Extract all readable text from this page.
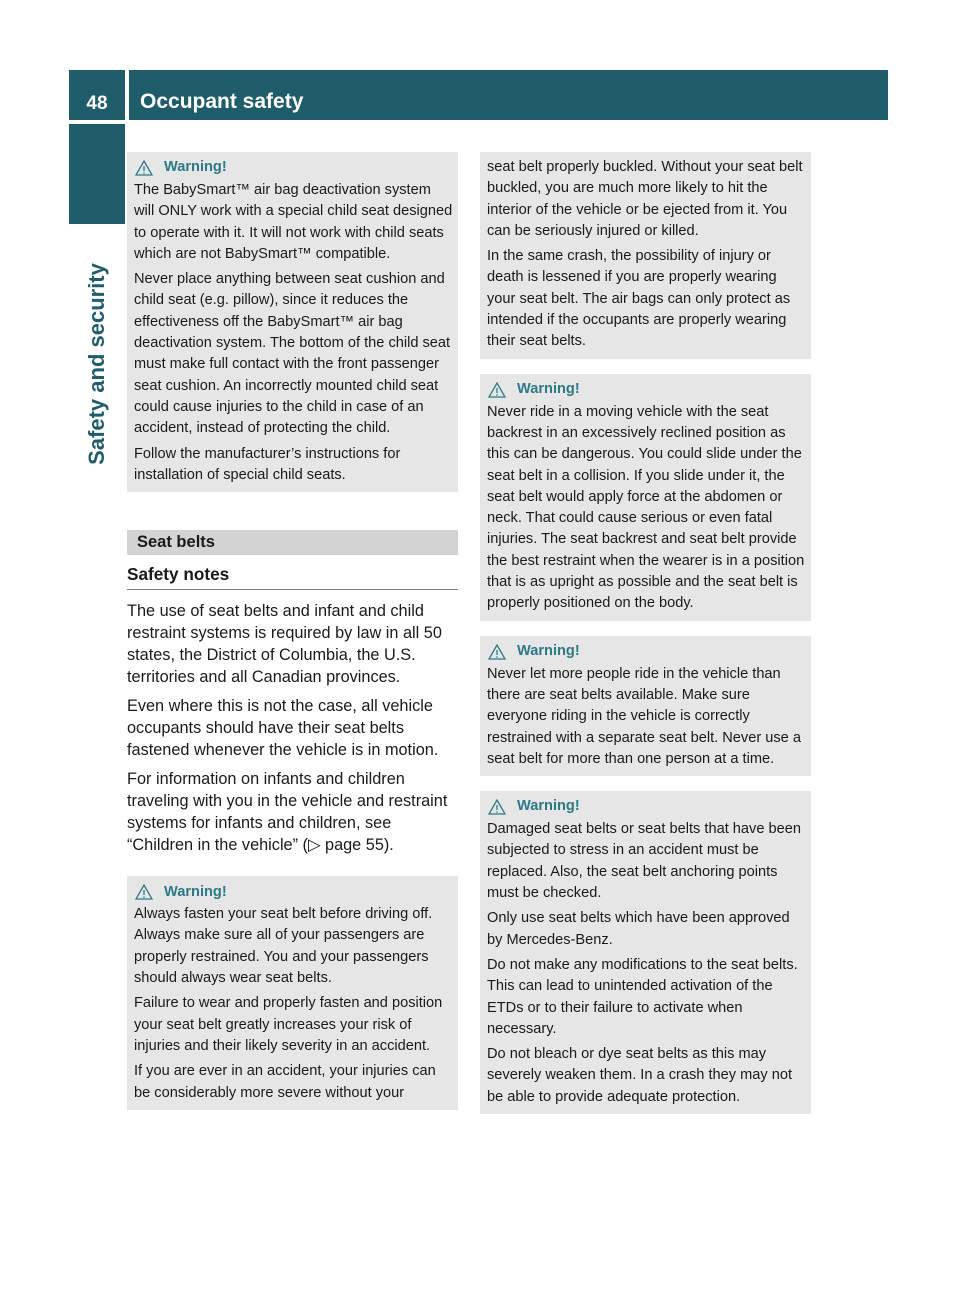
48	Occupant safety
Safety and security
Warning!

The BabySmart™ air bag deactivation system will ONLY work with a special child seat designed to operate with it. It will not work with child seats which are not BabySmart™ compatible.

Never place anything between seat cushion and child seat (e.g. pillow), since it reduces the effectiveness off the BabySmart™ air bag deactivation system. The bottom of the child seat must make full contact with the front passenger seat cushion. An incorrectly mounted child seat could cause injuries to the child in case of an accident, instead of protecting the child.

Follow the manufacturer’s instructions for installation of special child seats.

Seat belts
Safety notes

The use of seat belts and infant and child restraint systems is required by law in all 50 states, the District of Columbia, the U.S. territories and all Canadian provinces.

Even where this is not the case, all vehicle occupants should have their seat belts fastened whenever the vehicle is in motion.

For information on infants and children traveling with you in the vehicle and restraint systems for infants and children, see “Children in the vehicle” (▷ page 55).

Warning!

Always fasten your seat belt before driving off. Always make sure all of your passengers are properly restrained. You and your passengers should always wear seat belts.

Failure to wear and properly fasten and position your seat belt greatly increases your risk of injuries and their likely severity in an accident.

If you are ever in an accident, your injuries can be considerably more severe without your

seat belt properly buckled. Without your seat belt buckled, you are much more likely to hit the interior of the vehicle or be ejected from it. You can be seriously injured or killed.

In the same crash, the possibility of injury or death is lessened if you are properly wearing your seat belt. The air bags can only protect as intended if the occupants are properly wearing their seat belts.

Warning!

Never ride in a moving vehicle with the seat backrest in an excessively reclined position as this can be dangerous. You could slide under the seat belt in a collision. If you slide under it, the seat belt would apply force at the abdomen or neck. That could cause serious or even fatal injuries. The seat backrest and seat belt provide the best restraint when the wearer is in a position that is as upright as possible and the seat belt is properly positioned on the body.

Warning!

Never let more people ride in the vehicle than there are seat belts available. Make sure everyone riding in the vehicle is correctly restrained with a separate seat belt. Never use a seat belt for more than one person at a time.

Warning!

Damaged seat belts or seat belts that have been subjected to stress in an accident must be replaced. Also, the seat belt anchoring points must be checked.

Only use seat belts which have been approved by Mercedes-Benz.

Do not make any modifications to the seat belts. This can lead to unintended activation of the ETDs or to their failure to activate when necessary.

Do not bleach or dye seat belts as this may severely weaken them. In a crash they may not be able to provide adequate protection.
